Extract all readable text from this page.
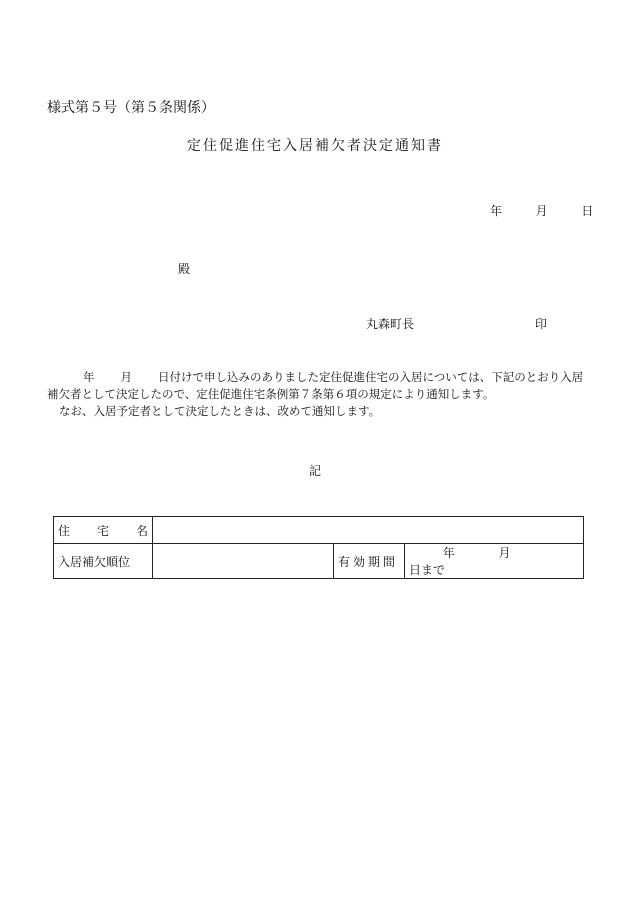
様式第５号（第５条関係）
定住促進住宅入居補欠者決定通知書
年	月	日
殿
丸森町長	印

年 月 日付けで申し込みのありました定住促進住宅の入居については、下記のとおり入居補欠者として決定したので、定住促進住宅条例第７条第６項の規定により通知します。

なお、入居予定者として決定したときは、改めて通知します。

記
住 宅 名			

入居補欠順位		有効期間	年 月  日まで
